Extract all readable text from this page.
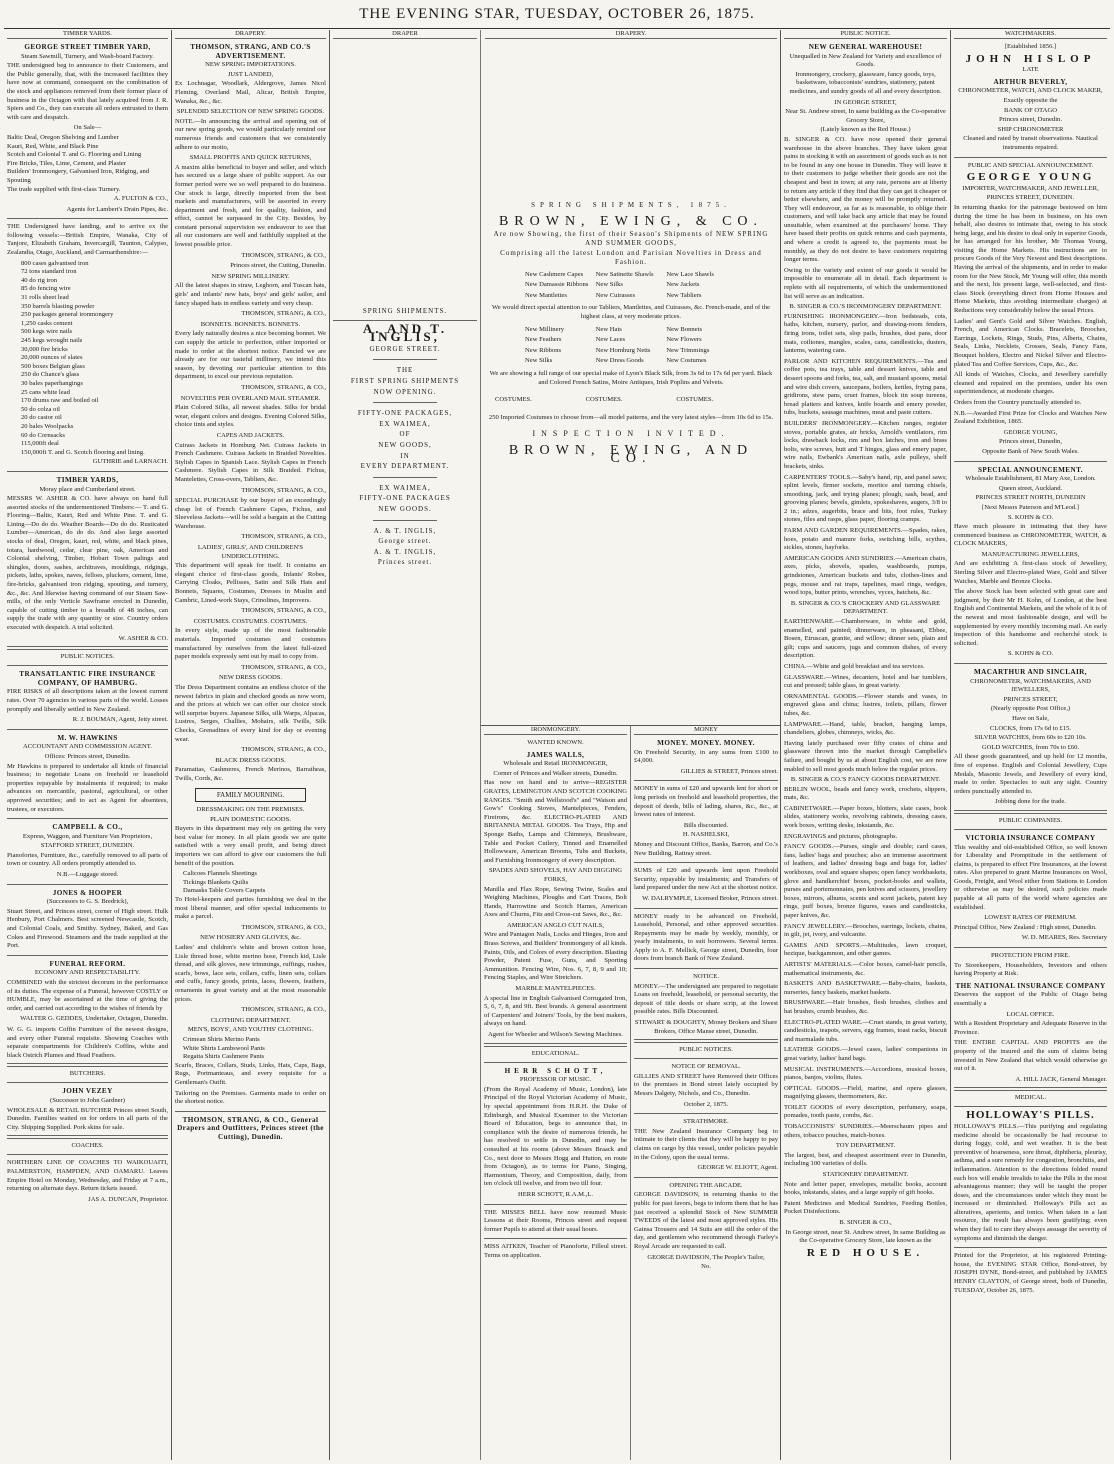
THE EVENING STAR, TUESDAY, OCTOBER 26, 1875.
TIMBER YARDS.
GEORGE STREET TIMBER YARD,
Steam Sawmill, Turnery, and Wash-board Factory.

THE undersigned beg to announce to their Customers, and the Public generally, that, with the increased facilities they have now at command, consequent on the combination of the stock and appliances removed from their former place of business in the Octagon with that lately acquired from J. R. Spiers and Co., they can execute all orders entrusted to them with care and despatch.

On Sale—
Baltic Deal, Oregon Shelving and Lumber
Kauri, Red, White, and Black Pine
Scotch and Colonial T. and G. Flooring and Lining
Fire Bricks, Tiles, Lime, Cement, and Plaster
Builders' Ironmongery, Galvanised Iron, Ridging, and Spouting
The trade supplied with first-class Turnery.
A. FULTON & CO.,
Agents for Lambert's Drain Pipes, &c.

THE Undersigned have landing, and to arrive ex the following vessels:—British Empire, Wanaka, City of Tanjore, Elizabeth Graham, Invercargill, Taunton, Calypso, Zealandia, Otago, Auckland, and Carmarthenshire:—

800 cases galvanised iron
72 tons standard iron
40 do rig iron
85 do fencing wire
31 rolls sheet lead
350 barrels blasting powder
250 packages general ironmongery
1,250 casks cement
500 kegs wire nails
245 kegs wrought nails
30,000 fire bricks
20,000 ounces of slates
500 boxes Belgian glass
250 do Chance's glass
30 bales paperhangings
25 cans white lead
170 drums raw and boiled oil
50 do colza oil
20 do castor oil
20 bales Woolpacks
60 do Cornsacks
115,000ft deal
150,000ft T. and G. Scotch flooring and lining.
GUTHRIE and LARNACH.
TIMBER YARDS,
Moray place and Cumberland street.

MESSRS W. ASHER & CO. have always on hand full assorted stocks of the undermentioned Timbers:— T. and G. Flooring—Baltic, Kauri, Red and White Pine. T. and G. Lining—Do do do. Weather Boards—Do do do. Rusticated Lumber—American, do do do. And also large assorted stocks of deal, Oregon, kauri, red, white, and black pines, totara, hardwood, cedar, clear pine, oak, American and Colonial shelving, Timber, Hobart Town palings and shingles, doors, sashes, architraves, mouldings, ridgings, pickets, laths, spokes, naves, felloes, pluckers, cement, lime, fire-bricks, galvanised iron ridging, spouting, and turnery, &c., &c. And likewise having command of our Steam Saw-mills, of the only Verticle Sawframe erected in Dunedin, capable of cutting timber to a breadth of 48 inches, can supply the trade with any quantity or size. Country orders executed with despatch. A trial solicited.

W. ASHER & CO.
PUBLIC NOTICES.
TRANSATLANTIC FIRE INSURANCE COMPANY, OF HAMBURG.

FIRE RISKS of all descriptions taken at the lowest current rates. Over 70 agencies in various parts of the world. Losses promptly and liberally settled in New Zealand.

R. J. BOUMAN, Agent, Jetty street.
M. W. HAWKINS
ACCOUNTANT AND COMMISSION AGENT.
Offices: Princes street, Dunedin.

Mr Hawkins is prepared to undertake all kinds of financial business; to negotiate Loans on freehold or leasehold properties repayable by instalments if required; to make advances on mercantile, pastoral, agricultural, or other approved securities; and to act as Agent for absentees, trustees, or executors.

CAMPBELL & CO.,
Express, Waggon, and Furniture Van Proprietors,
STAFFORD STREET, DUNEDIN.

Pianofortes, Furniture, &c., carefully removed to all parts of town or country. All orders promptly attended to.

N.B.—Luggage stored.
JONES & HOOPER
(Successors to G. S. Bredrick),

Stuart Street, and Princes street, corner of High street. Hulk Henbury, Port Chalmers. Best screened Newcastle, Scotch, and Colonial Coals, and Smithy. Sydney, Baked, and Gas Cokes and Firewood. Steamers and the trade supplied at the Port.

FUNERAL REFORM.
ECONOMY AND RESPECTABILITY.

COMBINED with the strictest decorum in the performance of its duties. The expense of a Funeral, however COSTLY or HUMBLE, may be ascertained at the time of giving the order, and carried out according to the wishes of friends by

WALTER G. GEDDES, Undertaker, Octagon, Dunedin.

W. G. G. imports Coffin Furniture of the newest designs, and every other Funeral requisite. Showing Coaches with separate compartments for Children's Coffins, white and black Ostrich Plumes and Head Feathers.

BUTCHERS.
JOHN VEZEY
(Successor to John Gardner)

WHOLESALE & RETAIL BUTCHER Princes street South, Dunedin. Families waited on for orders in all parts of the City. Shipping Supplied. Pork skins for sale.

COACHES.

NORTHERN LINE OF COACHES TO WAIKOUAITI, PALMERSTON, HAMPDEN, AND OAMARU. Leaves Empire Hotel on Monday, Wednesday, and Friday at 7 a.m., returning on alternate days. Return tickets issued.

JAS A. DUNCAN, Proprietor.
DRAPERY.
THOMSON, STRANG, AND CO.'S ADVERTISEMENT.
NEW SPRING IMPORTATIONS.
JUST LANDED,

Ex Lochnagar, Woodlark, Aldergrove, James Nicol Fleming, Overland Mail, Altcar, British Empire, Wanaka, &c., &c.

SPLENDID SELECTION OF NEW SPRING GOODS.

NOTE.—In announcing the arrival and opening out of our new spring goods, we would particularly remind our numerous friends and customers that we consistently adhere to our motto,

SMALL PROFITS AND QUICK RETURNS,

A maxim alike beneficial to buyer and seller, and which has secured us a large share of public support. As our former period were we so well prepared to do business. Our stock is large, directly imported from the best markets and manufacturers, will be assorted in every department and fresh, and for quality, fashion, and effect, cannot be surpassed in the City. Besides, by constant personal supervision we endeavour to see that all our customers are well and faithfully supplied at the lowest possible price.

THOMSON, STRANG, & CO.,
Princes street, the Cutting, Dunedin.
NEW SPRING MILLINERY.

All the latest shapes in straw, Leghorn, and Tuscan hats, girls' and infants' new hats, boys' and girls' sailor, and fancy shaped hats in endless variety and very cheap.

THOMSON, STRANG, & CO.,
BONNETS. BONNETS. BONNETS.

Every lady naturally desires a nice becoming bonnet. We can supply the article to perfection, either imported or made to order at the shortest notice. Fancied we are already are for our tasteful millinery, we intend this season, by devoting our particular attention to this department, to excel our previous reputation.

THOMSON, STRANG, & CO.,
NOVELTIES PER OVERLAND MAIL STEAMER.

Plain Colored Silks, all newest shades. Silks for bridal wear, elegant colors and designs. Evening Colored Silks, choice tints and styles.

CAPES AND JACKETS.

Cuirass Jackets in Homburg Net. Cuirass Jackets in French Cashmere. Cuirass Jackets in Braided Novelties. Stylish Capes in Spanish Lace. Stylish Capes in French Cashmere. Stylish Capes in Silk Braided. Fichus, Mantelettes, Cross-overs, Tabliers, &c.

THOMSON, STRANG, & CO.,

SPECIAL PURCHASE by our buyer of an exceedingly cheap lot of French Cashmere Capes, Fichus, and Sleeveless Jackets—will be sold a bargain at the Cutting Warehouse.

THOMSON, STRANG, & CO.,
LADIES', GIRLS', AND CHILDREN'S UNDERCLOTHING.

This department will speak for itself. It contains an elegant choice of first-class goods, Infants' Robes, Carrying Cloaks, Pellisses, Satin and Silk Hats and Bonnets, Squares, Costumes, Dresses in Muslin and Cambric, Lined-work Stays, Crinolines, Improvers.

THOMSON, STRANG, & CO.,
COSTUMES. COSTUMES. COSTUMES.

In every style, made up of the most fashionable materials. Imported costumes and costumes manufactured by ourselves from the latest full-sized paper models expressly sent out by mail to copy from.

THOMSON, STRANG, & CO.,
NEW DRESS GOODS.

The Dress Department contains an endless choice of the newest fabrics in plain and checked goods as now worn, and the prices at which we can offer our choice stock will surprise buyers. Japanese Silks, silk Warps, Alpacas, Lustres, Serges, Challies, Mohairs, silk Twills, Silk Checks, Grenadines of every kind for day or evening wear.

THOMSON, STRANG, & CO.,
BLACK DRESS GOODS.

Paramattas, Cashmeres, French Merinos, Barratheas, Twills, Cords, &c.

FAMILY MOURNING.
DRESSMAKING ON THE PREMISES.
PLAIN DOMESTIC GOODS.

Buyers in this department may rely on getting the very best value for money. In all plain goods we are quite satisfied with a very small profit, and being direct importers we can afford to give our customers the full benefit of the position.

Calicoes Flannels Sheetings
Tickings Blankets Quilts
Damasks Table Covers Carpets

To Hotel-keepers and parties furnishing we deal in the most liberal manner, and offer special inducements to make a parcel.

THOMSON, STRANG, & CO.,
NEW HOSIERY AND GLOVES, &c.

Ladies' and children's white and brown cotton hose, Lisle thread hose, white merino hose, French kid, Lisle thread, and silk gloves, new trimmings, ruffings, rushes, scarfs, bows, lace sets, collars, cuffs, linen sets, collars and cuffs, fancy goods, prints, laces, flowers, feathers, ornaments in great variety and at the most reasonable prices.

THOMSON, STRANG, & CO.,
CLOTHING DEPARTMENT.
MEN'S, BOYS', AND YOUTHS' CLOTHING.
Crimean Shirts Merino Pants
White Shirts Lambswool Pants
Regatta Shirts Cashmere Pants

Scarfs, Braces, Collars, Studs, Links, Hats, Caps, Bags, Rugs, Portmanteaus, and every requisite for a Gentleman's Outfit.

Tailoring on the Premises. Garments made to order on the shortest notice.

THOMSON, STRANG, & CO., General Drapers and Outfitters, Princes street (the Cutting), Dunedin.
DRAPER
SPRING SHIPMENTS.
A. AND T. INGLIS,
GEORGE STREET.
THE
FIRST SPRING SHIPMENTS
NOW OPENING.
FIFTY-ONE PACKAGES,
EX WAIMEA,
OF
NEW GOODS,
IN
EVERY DEPARTMENT.
EX WAIMEA,
FIFTY-ONE PACKAGES
NEW GOODS.
A. & T. INGLIS,
George street.
A. & T. INGLIS,
Princes street.
DRAPERY.
SPRING SHIPMENTS, 1875.
BROWN, EWING, & CO.
Are now Showing, the first of their Season's Shipments of NEW SPRING AND SUMMER GOODS,
Comprising all the latest London and Parisian Novelties in Dress and Fashion.
New Cashmere Capes	New Satinette Shawls	New Lace Shawls
New Damassie Ribbons	New Silks	New Jackets
New Mantlettes	New Cuirasses	New Tabliers

We would direct special attention to our Tabliers, Mantlettes, and Cuirasses, &c. French-made, and of the highest class, at very moderate prices.

New Millinery	New Hats	New Bonnets
New Feathers	New Laces	New Flowers
New Ribbons	New Homburg Netts	New Trimmings
New Silks	New Dress Goods	New Costumes

We are showing a full range of our special make of Lyon's Black Silk, from 3s 6d to 17s 6d per yard. Black and Colored French Satins, Moire Antiques, Irish Poplins and Velvets.

COSTUMES.	COSTUMES.	COSTUMES.

250 Imported Costumes to choose from—all model patterns, and the very latest styles—from 10s 6d to 15s.

INSPECTION INVITED.
BROWN, EWING, AND CO.
IRONMONGERY.
WANTED KNOWN.
JAMES WALLS,
Wholesale and Retail IRONMONGER,
Corner of Princes and Walker streets, Dunedin.

Has now on hand and to arrive—REGISTER GRATES, LEMINGTON AND SCOTCH COOKING RANGES. "Smith and Wellstood's" and "Watson and Gow's" Cooking Stoves, Mantelpieces, Fenders, Fireirons, &c. ELECTRO-PLATED AND BRITANNIA METAL GOODS. Tea Trays, Hip and Sponge Baths, Lamps and Chimneys, Brushware, Table and Pocket Cutlery, Tinned and Enamelled Hollowware, American Brooms, Tubs and Buckets, and Furnishing Ironmongery of every description.

SPADES AND SHOVELS, HAY AND DIGGING FORKS,

Manilla and Flax Rope, Sewing Twine, Scales and Weighing Machines, Ploughs and Cart Traces, Bolt Hands, Harrowtine and Scotch Harnes, American Axes and Churns, Fits and Cross-cut Saws, &c., &c.

AMERICAN ANGLO CUT NAILS,

Wire and Pantagon Nails, Locks and Hinges, Iron and Brass Screws, and Builders' Ironmongery of all kinds. Paints, Oils, and Colors of every description. Blasting Powder, Patent Fuse, Guns, and Sporting Ammunition. Fencing Wire, Nos. 6, 7, 8, 9 and 10; Fencing Staples, and Wire Stretchers.

MARBLE MANTELPIECES.

A special line in English Galvanised Corrugated Iron, 5, 6, 7, 8, and 9ft. Best brands. A general assortment of Carpenters' and Joiners' Tools, by the best makers, always on hand.

Agent for Wheeler and Wilson's Sewing Machines.

EDUCATIONAL.
HERR SCHOTT,
PROFESSOR OF MUSIC.

(From the Royal Academy of Music, London), late Principal of the Royal Victorian Academy of Music, by special appointment from H.R.H. the Duke of Edinburgh, and Musical Examiner to the Victorian Board of Education, begs to announce that, in compliance with the desire of numerous friends, he has resolved to settle in Dunedin, and may be consulted at his rooms (above Messrs Braack and Co., next door to Messrs Hogg and Hutton, en route from Octagon), as to terms for Piano, Singing, Harmonium, Theory, and Composition, daily, from ten o'clock till twelve, and from two till four.

HERR SCHOTT, R.A.M.,L.

THE MISSES BELL have now resumed Music Lessons at their Rooms, Princes street and request former Pupils to attend at their usual hours.

MISS AITKEN, Teacher of Pianoforte, Filleul street. Terms on application.

MONEY
MONEY. MONEY. MONEY.

On Freehold Security, in any sums from £100 to £4,000.

GILLIES & STREET, Princes street.

MONEY in sums of £20 and upwards lent for short or long periods on freehold and leasehold properties, the deposit of deeds, bills of lading, shares, &c., &c., at lowest rates of interest.

Bills discounted.
H. NASHELSKI,

Money and Discount Office, Banks, Barron, and Co.'s New Building, Rattray street.

SUMS of £20 and upwards lent upon Freehold Security, repayable by instalments; and Transfers of land prepared under the new Act at the shortest notice.

W. DALRYMPLE, Licensed Broker, Princes street.

MONEY ready to be advanced on Freehold, Leasehold, Personal, and other approved securities. Repayments may be made by weekly, monthly, or yearly instalments, to suit borrowers. Several terms. Apply to A. F. Mellick, George street, Dunedin, four doors from branch Bank of New Zealand.

NOTICE.

MONEY.—The undersigned are prepared to negotiate Loans on freehold, leasehold, or personal security, the deposit of title deeds or share scrip, at the lowest possible rates. Bills Discounted.

STEWART & DOUGHTY, Money Brokers and Share Brokers, Office Manse street, Dunedin.
PUBLIC NOTICES.
NOTICE OF REMOVAL.

GILLIES AND STREET have Removed their Offices to the premises in Bond street lately occupied by Messrs Dalgety, Nichols, and Co., Dunedin.

October 2, 1875.
STRATHMORE.

THE New Zealand Insurance Company beg to intimate to their clients that they will be happy to pay claims on cargo by this vessel, under policies payable in the Colony, upon the usual terms.

GEORGE W. ELIOTT, Agent.
OPENING THE ARCADE.

GEORGE DAVIDSON, in returning thanks to the public for past favors, begs to inform them that he has just received a splendid Stock of New SUMMER TWEEDS of the latest and most approved styles. His Gainsa Trousers and 14 Suits are still the order of the day, and gentlemen who recommend through Farley's Royal Arcade are requested to call.

GEORGE DAVIDSON, The People's Tailor,
No.
PUBLIC NOTICE.
NEW GENERAL WAREHOUSE!
Unequalled in New Zealand for Variety and excellence of Goods.

Ironmongery, crockery, glassware, fancy goods, toys, basketware, tobacconists' sundries, stationery, patent medicines, and sundry goods of all and every description.

IN GEORGE STREET,
Near St. Andrew street, In same building as the Co-operative Grocery Store,
(Lately known as the Red House.)

B. SINGER & CO. have now opened their general warehouse in the above branches. They have taken great pains in stocking it with an assortment of goods such as is not to be found in any one house in Dunedin. They will leave it to their customers to judge whether their goods are not the cheapest and best in town; at any rate, persons are at liberty to return any article if they find that they can get it cheaper or better elsewhere, and the money will be promptly returned. They will endeavour, as far as is reasonable, to oblige their customers, and will take back any article that may be found unsuitable, when examined at the purchasers' home. They have based their profits on quick returns and cash payments, and where a credit is agreed to, the payments must be monthly, as they do not desire to have customers requiring longer terms.

Owing to the variety and extent of our goods it would be impossible to enumerate all in detail. Each department is replete with all requirements, of which the undermentioned list will serve as an indication.

B. SINGER & CO.'S IRONMONGERY DEPARTMENT.

FURNISHING IRONMONGERY.—Iron bedsteads, cots, baths, kitchen, nursery, parlor, and drawing-room fenders, firing irons, toilet sets, slop pails, brushes, dust pans, door mats, coiltones, mangles, scales, cans, candlesticks, dusters, lanterns, watering cans.

PARLOR AND KITCHEN REQUIREMENTS.—Tea and coffee pots, tea trays, table and dessert knives, table and dessert spoons and forks, tea, salt, and mustard spoons, metal and wire dish covers, saucepans, boilers, kettles, frying pans, gridirons, stew pans, cruet frames, block tin soup tureens, bread platters and knives, knife boards and emery powder, tubs, buckets, sausage machines, meat and paste cutters.

BUILDERS' IRONMONGERY.—Kitchen ranges, register stoves, portable grates, air bricks, Arnold's ventilators, rim locks, drawback locks, rim and box latches, iron and brass bolts, wire screws, butt and T hinges, glass and emery paper, wire nails, Ewbank's American nails, axle pulleys, shelf brackets, sinks.

CARPENTERS' TOOLS.—Saby's hand, rip, and panel saws; splint levels, firmer sockets, mortice and turning chisels, smoothing, jack, and trying planes; plough, sash, bead, and grooving planes; bevels, gimlets, spokeshaves, augers, 3/8 to 2 in.; adzes, augerbits, brace and bits, foot rules, Turkey stones, files and rasps, glass paper, flooring cramps.

FARM AND GARDEN REQUIREMENTS.—Spades, rakes, hoes, potato and manure forks, switching bills, scythes, sickles, stones, hayforks.

AMERICAN GOODS AND SUNDRIES.—American chairs, axes, picks, shovels, spades, washboards, pumps, grindstones, American buckets and tubs, clothes-lines and pegs, mouse and rat traps, tapelines, mael rings, wedges, wood tops, butter prints, wrenches, vyces, hatchets, &c.

B. SINGER & CO.'S CROCKERY AND GLASSWARE DEPARTMENT.

EARTHENWARE.—Chamberware, in white and gold, enamelled, and painted; dinnerware, in pheasant, Ebbee, Bosen, Etruscan, granite, and willow; dinner sets, plain and gilt; cups and saucers, jugs and common dishes, of every description.

CHINA.—White and gold breakfast and tea services.

GLASSWARE.—Wines, decanters, hotel and bar tumblers, cut and pressed; table glass, in great variety.

ORNAMENTAL GOODS.—Flower stands and vases, in engraved glass and china; lustres, toilets, pillars, flower tubes, &c.

LAMPWARE.—Hand, table, bracket, hanging lamps, chandeliers, globes, chimneys, wicks, &c.

Having lately purchased over fifty crates of china and glassware thrown into the market through Campbelle's failure, and bought by us at about English cost, we are now enabled to sell most goods much below the regular prices.

B. SINGER & CO.'S FANCY GOODS DEPARTMENT.

BERLIN WOOL, beads and fancy work, crochets, slippers, mats, &c.

CABINETWARE.—Paper boxes, blotters, slate cases, book slides, stationery works, revolving cabinets, dressing cases, work boxes, writing desks, inkstands, &c.

ENGRAVINGS and pictures, photographs.

FANCY GOODS.—Purses, single and double; card cases, fans, ladies' bags and pouches; also an immense assortment of leathers, and ladies' dressing bags and bags for, ladies' workboxes, oval and square shapes; open fancy workbaskets, glove and handkerchief boxes, pocket-books and wallets, purses and portemonnaies, pen knives and scissors, jewellery boxes, mirrors, albums, scents and scent jackets, patent key rings, puff boxes, bronze figures, vases and candlesticks, paper knives, &c.

FANCY JEWELLERY.—Brooches, earrings, lockets, chains, in gilt, jet, ivory, and vulcanite.

GAMES AND SPORTS.—Multitudes, lawn croquet, bezique, backgammon, and other games.

ARTISTS' MATERIALS.—Color boxes, camel-hair pencils, mathematical instruments, &c.

BASKETS AND BASKETWARE.—Baby-chairs, baskets, nurseries, fancy baskets, market baskets.

BRUSHWARE.—Hair brushes, flesh brushes, clothes and hat brushes, crumb brushes, &c.

ELECTRO-PLATED WARE.—Cruet stands, in great variety, candlesticks, teapots, servers, egg frames, toast racks, biscuit and marmalade tubs.

LEATHER GOODS.—Jewel cases, ladies' companions in great variety, ladies' hand bags.

MUSICAL INSTRUMENTS.—Accordions, musical boxes, pianos, banjos, violins, flutes.

OPTICAL GOODS.—Field, marine, and opera glasses, magnifying glasses, thermometers, &c.

TOILET GOODS of every description, perfumery, soaps, pomades, tooth paste, combs, &c.

TOBACCONISTS' SUNDRIES.—Meerschaum pipes and others, tobacco pouches, match-boxes.

TOY DEPARTMENT.

The largest, best, and cheapest assortment ever in Dunedin, including 100 varieties of dolls.

STATIONERY DEPARTMENT.

Note and letter paper, envelopes, metallic books, account books, inkstands, slates, and a large supply of gift books.

Patent Medicines and Medical Sundries, Feeding Bottles, Pocket Disinfections.

B. SINGER & CO.,

In George street, near St. Andrew street, In same Building as the Co-operative Grocery Store, late known as the

RED HOUSE.
WATCHMAKERS.
[Established 1856.]
JOHN HISLOP
LATE
ARTHUR BEVERLY,
CHRONOMETER, WATCH, AND CLOCK MAKER,
Exactly opposite the
BANK OF OTAGO
Princes street, Dunedin.
SHIP CHRONOMETER
Cleaned and rated by transit observations. Nautical instruments repaired.
PUBLIC AND SPECIAL ANNOUNCEMENT.
GEORGE YOUNG
IMPORTER, WATCHMAKER, AND JEWELLER,
PRINCES STREET, DUNEDIN.

In returning thanks for the patronage bestowed on him during the time he has been in business, on his own behalf, also desires to intimate that, owing to his stock being large, and his desire to deal only in superior Goods, he has arranged for his brother, Mr Thomas Young, visiting the Home Markets. His instructions are to procure Goods of the Very Newest and Best descriptions. Having the arrival of the shipments, and in order to make room for the New Stock, Mr Young will offer, this month and the next, his present large, well-selected, and first-class Stock (everything direct from Home Houses and Home Markets, thus avoiding intermediate charges) at Reductions very considerably below the usual Prices.

Ladies' and Gent's Gold and Silver Watches. English, French, and American Clocks. Bracelets, Brooches, Earrings, Lockets, Rings, Studs, Pins, Alberts, Chains, Seals, Links, Necklets, Crosses, Seals, Fancy Fans, Bouquet holders, Electro and Nickel Silver and Electro-plated Tea and Coffee Services, Cups, &c., &c.

All kinds of Watches, Clocks, and Jewellery carefully cleaned and repaired on the premises, under his own superintendence, at moderate charges.

Orders from the Country punctually attended to.

N.B.—Awarded First Prize for Clocks and Watches New Zealand Exhibition, 1865.

GEORGE YOUNG,
Princes street, Dunedin,
Opposite Bank of New South Wales.
SPECIAL ANNOUNCEMENT.
Wholesale Establishment, 81 Mary Axe, London.
Queen street, Auckland.
PRINCES STREET NORTH, DUNEDIN
[Next Messrs Paterson and M'Leod.]
S. KOHN & CO.

Have much pleasure in intimating that they have commenced business as CHRONOMETER, WATCH, & CLOCK MAKERS,

MANUFACTURING JEWELLERS,

And are exhibiting A first-class stock of Jewellery, Sterling Silver and Electro-plated Ware, Gold and Silver Watches, Marble and Bronze Clocks.

The above Stock has been selected with great care and judgment, by their Mr H. Kohn, of London, at the best English and Continental Markets, and the whole of it is of the newest and most fashionable design, and will be supplemented by every monthly incoming mail. An early inspection of this handsome and recherché stock is solicited.

S. KOHN & CO.
MACARTHUR AND SINCLAIR,
CHRONOMETER, WATCHMAKERS, AND JEWELLERS,
PRINCES STREET,
(Nearly opposite Post Office,)
Have on Sale,
CLOCKS, from 17s 6d to £15.
SILVER WATCHES, from 60s to £20 10s.
GOLD WATCHES, from 70s to £60.

All these goods guaranteed, and up held for 12 months, free of expense. English and Colonial Jewellery, Cups Medals, Masonic Jewels, and Jewellery of every kind, made to order. Spectacles to suit any sight. Country orders punctually attended to.

Jobbing done for the trade.
PUBLIC COMPANIES.
VICTORIA INSURANCE COMPANY

This wealthy and old-established Office, so well known for Liberality and Promptitude in the settlement of claims, is prepared to effect Fire Insurances, at the lowest rates. Also prepared to grant Marine Insurances on Wool, Goods, Freight, and Wool either from Stations to London or otherwise as may be desired, such policies made payable at all parts of the world where agencies are established.

LOWEST RATES OF PREMIUM.

Principal Office, New Zealand : High street, Dunedin.

W. D. MEARES, Res. Secretary
PROTECTION FROM FIRE.

To Storekeepers, Householders, Investors and others having Property at Risk.

THE NATIONAL INSURANCE COMPANY

Deserves the support of the Public of Otago being essentially a

LOCAL OFFICE.

With a Resident Proprietary and Adequate Reserve in the Province.

THE ENTIRE CAPITAL AND PROFITS are the property of the insured and the sum of claims being invested in New Zealand that which would otherwise go out of it.

A. HILL JACK, General Manager.
MEDICAL.
HOLLOWAY'S PILLS.

HOLLOWAY'S PILLS.—This purifying and regulating medicine should be occasionally be had recourse to during foggy, cold, and wet weather. It is the best preventive of hoarseness, sore throat, diphtheria, pleurisy, asthma, and a sure remedy for congestion, bronchitis, and inflammation. Attention to the directions folded round each box will enable invalids to take the Pills in the most advantageous manner; they will be taught the proper doses, and the circumstances under which they must be increased or diminished. Holloway's Pills act as alteratives, aperients, and tonics. When taken in a last resource, the result has always been gratifying; even when they fail to cure they always assuage the severity of symptoms and diminish the danger.

Printed for the Proprietor, at his registered Printing-house, the EVENING STAR Office, Bond-street, by JOSEPH DYNE, Bond-street, and published by JAMES HENRY CLAYTON, of George street, both of Dunedin, TUESDAY, October 26, 1875.
